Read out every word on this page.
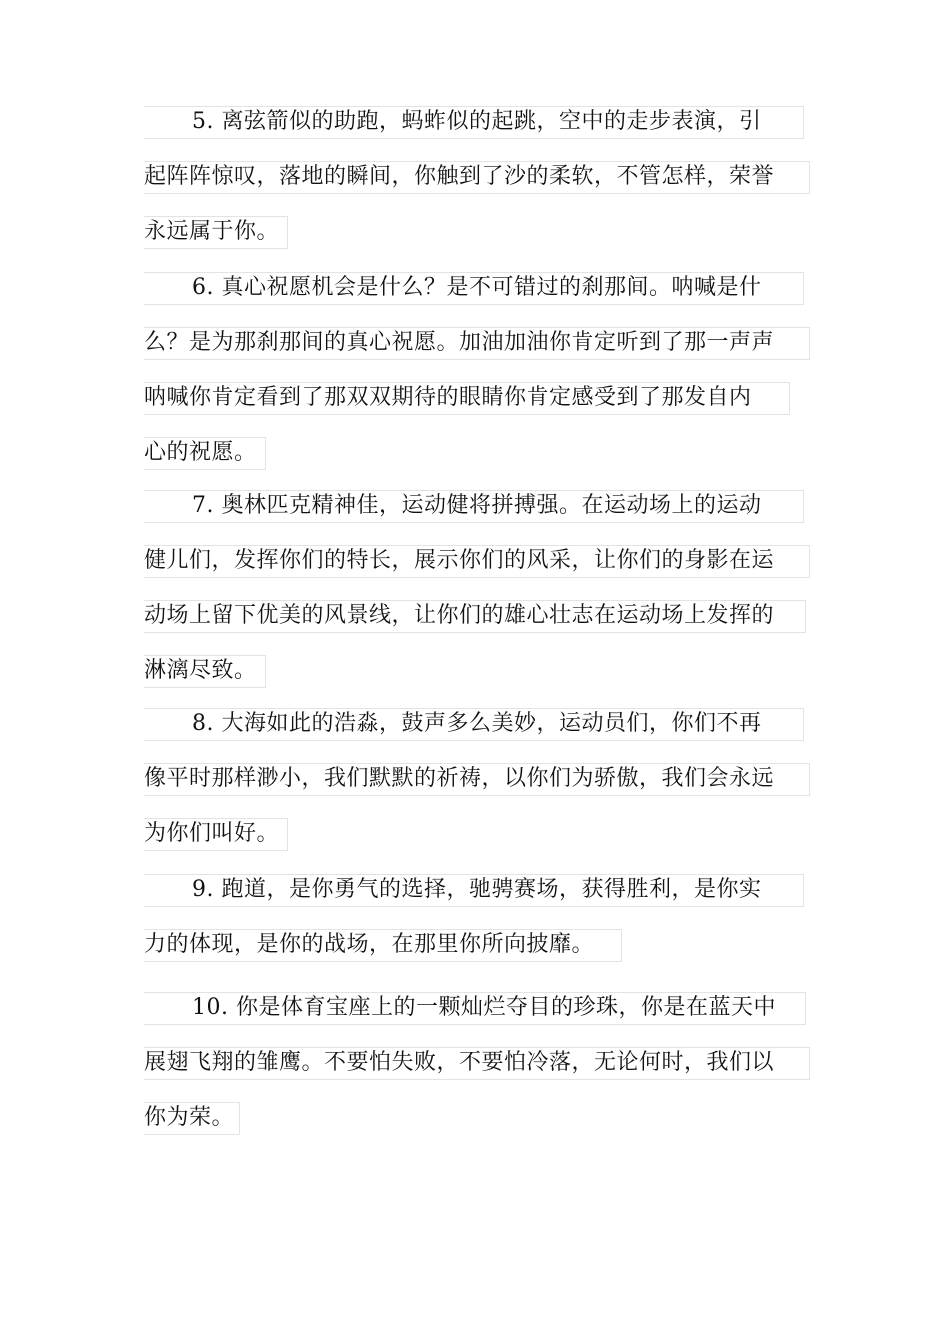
5. 离弦箭似的助跑，蚂蚱似的起跳，空中的走步表演，引
起阵阵惊叹，落地的瞬间，你触到了沙的柔软，不管怎样，荣誉
永远属于你。
6. 真心祝愿机会是什么？是不可错过的刹那间。呐喊是什
么？是为那刹那间的真心祝愿。加油加油你肯定听到了那一声声
呐喊你肯定看到了那双双期待的眼睛你肯定感受到了那发自内
心的祝愿。
7. 奥林匹克精神佳，运动健将拼搏强。在运动场上的运动
健儿们，发挥你们的特长，展示你们的风采，让你们的身影在运
动场上留下优美的风景线，让你们的雄心壮志在运动场上发挥的
淋漓尽致。
8. 大海如此的浩淼，鼓声多么美妙，运动员们，你们不再
像平时那样渺小，我们默默的祈祷，以你们为骄傲，我们会永远
为你们叫好。
9. 跑道，是你勇气的选择，驰骋赛场，获得胜利，是你实
力的体现，是你的战场，在那里你所向披靡。
10. 你是体育宝座上的一颗灿烂夺目的珍珠，你是在蓝天中
展翅飞翔的雏鹰。不要怕失败，不要怕冷落，无论何时，我们以
你为荣。
